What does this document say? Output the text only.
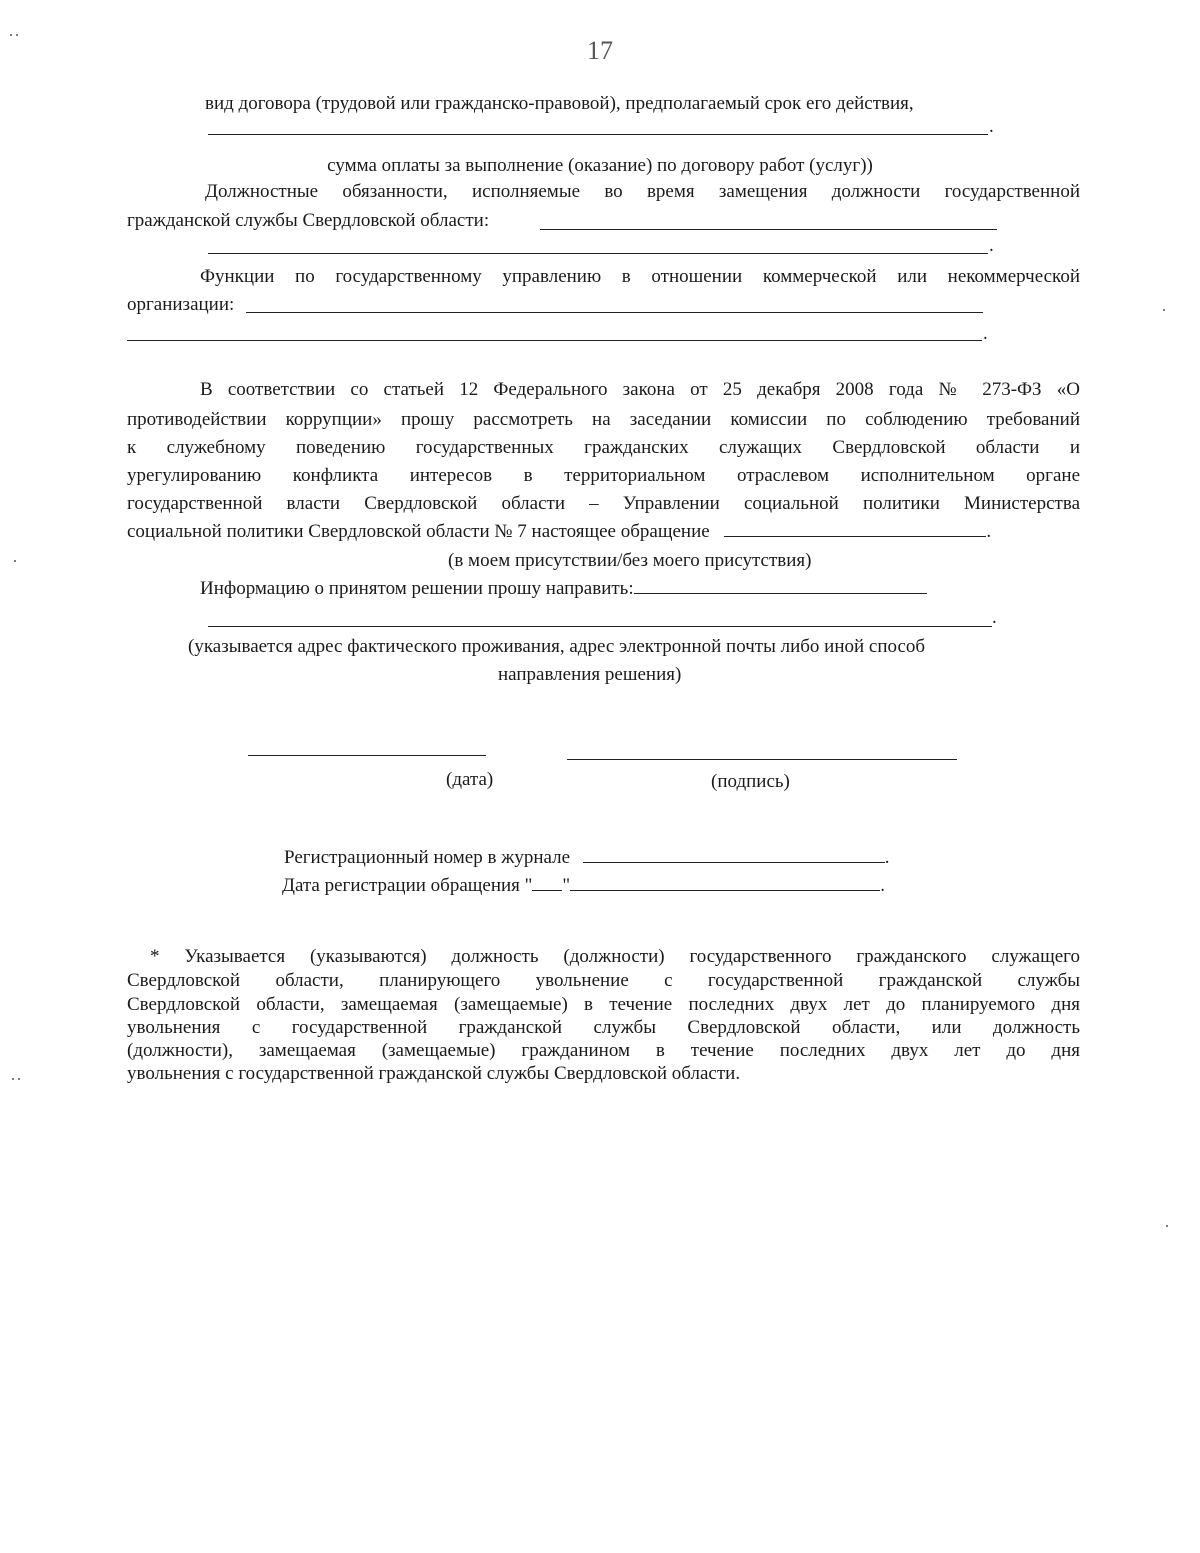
17
вид договора (трудовой или гражданско-правовой), предполагаемый срок его действия,
.
сумма оплаты за выполнение (оказание) по договору работ (услуг))
Должностные обязанности, исполняемые во время замещения должности государственной
гражданской службы Свердловской области:
.
Функции по государственному управлению в отношении коммерческой или некоммерческой
организации:
.
В соответствии со статьей 12 Федерального закона от 25 декабря 2008 года № 273-ФЗ «О
противодействии коррупции» прошу рассмотреть на заседании комиссии по соблюдению требований
к служебному поведению государственных гражданских служащих Свердловской области и
урегулированию конфликта интересов в территориальном отраслевом исполнительном органе
государственной власти Свердловской области – Управлении социальной политики Министерства
социальной политики Свердловской области № 7 настоящее обращение	.
(в моем присутствии/без моего присутствия)
Информацию о принятом решении прошу направить:
.
(указывается адрес фактического проживания, адрес электронной почты либо иной способ
направления решения)
(дата)	(подпись)
Регистрационный номер в журнале	.
Дата регистрации обращения " "	.
* Указывается (указываются) должность (должности) государственного гражданского служащего
Свердловской области, планирующего увольнение с государственной гражданской службы
Свердловской области, замещаемая (замещаемые) в течение последних двух лет до планируемого дня
увольнения с государственной гражданской службы Свердловской области, или должность
(должности), замещаемая (замещаемые) гражданином в течение последних двух лет до дня
увольнения с государственной гражданской службы Свердловской области.
